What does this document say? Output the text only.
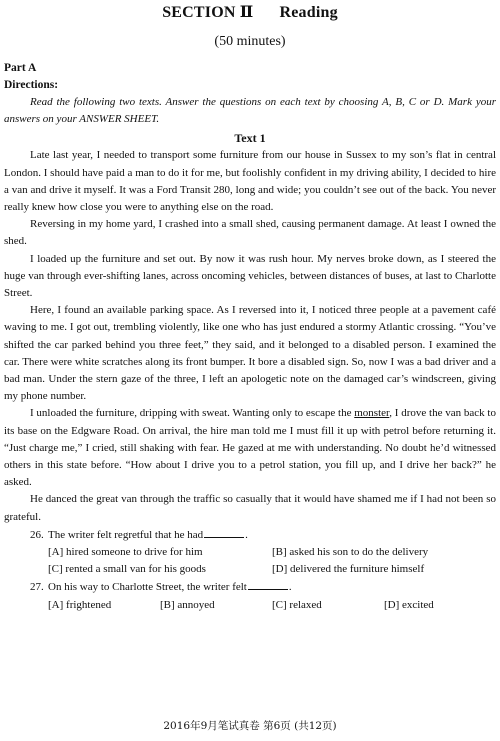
SECTION Ⅱ Reading
(50 minutes)
Part A
Directions:
Read the following two texts. Answer the questions on each text by choosing A, B, C or D. Mark your answers on your ANSWER SHEET.
Text 1

Late last year, I needed to transport some furniture from our house in Sussex to my son’s flat in central London. I should have paid a man to do it for me, but foolishly confident in my driving ability, I decided to hire a van and drive it myself. It was a Ford Transit 280, long and wide; you couldn’t see out of the back. You never really knew how close you were to anything else on the road.

Reversing in my home yard, I crashed into a small shed, causing permanent damage. At least I owned the shed.

I loaded up the furniture and set out. By now it was rush hour. My nerves broke down, as I steered the huge van through ever-shifting lanes, across oncoming vehicles, between distances of buses, at last to Charlotte Street.

Here, I found an available parking space. As I reversed into it, I noticed three people at a pavement café waving to me. I got out, trembling violently, like one who has just endured a stormy Atlantic crossing. “You’ve shifted the car parked behind you three feet,” they said, and it belonged to a disabled person. I examined the car. There were white scratches along its front bumper. It bore a disabled sign. So, now I was a bad driver and a bad man. Under the stern gaze of the three, I left an apologetic note on the damaged car’s windscreen, giving my phone number.

I unloaded the furniture, dripping with sweat. Wanting only to escape the monster, I drove the van back to its base on the Edgware Road. On arrival, the hire man told me I must fill it up with petrol before returning it. “Just charge me,” I cried, still shaking with fear. He gazed at me with understanding. No doubt he’d witnessed others in this state before. “How about I drive you to a petrol station, you fill up, and I drive her back?” he asked.

He danced the great van through the traffic so casually that it would have shamed me if I had not been so grateful.

26. The writer felt regretful that he had	.
[A] hired someone to drive for him	[B] asked his son to do the delivery
[C] rented a small van for his goods	[D] delivered the furniture himself
27. On his way to Charlotte Street, the writer felt	.
[A] frightened	[B] annoyed	[C] relaxed	[D] excited
2016年9月笔试真卷 第6页 (共12页)
